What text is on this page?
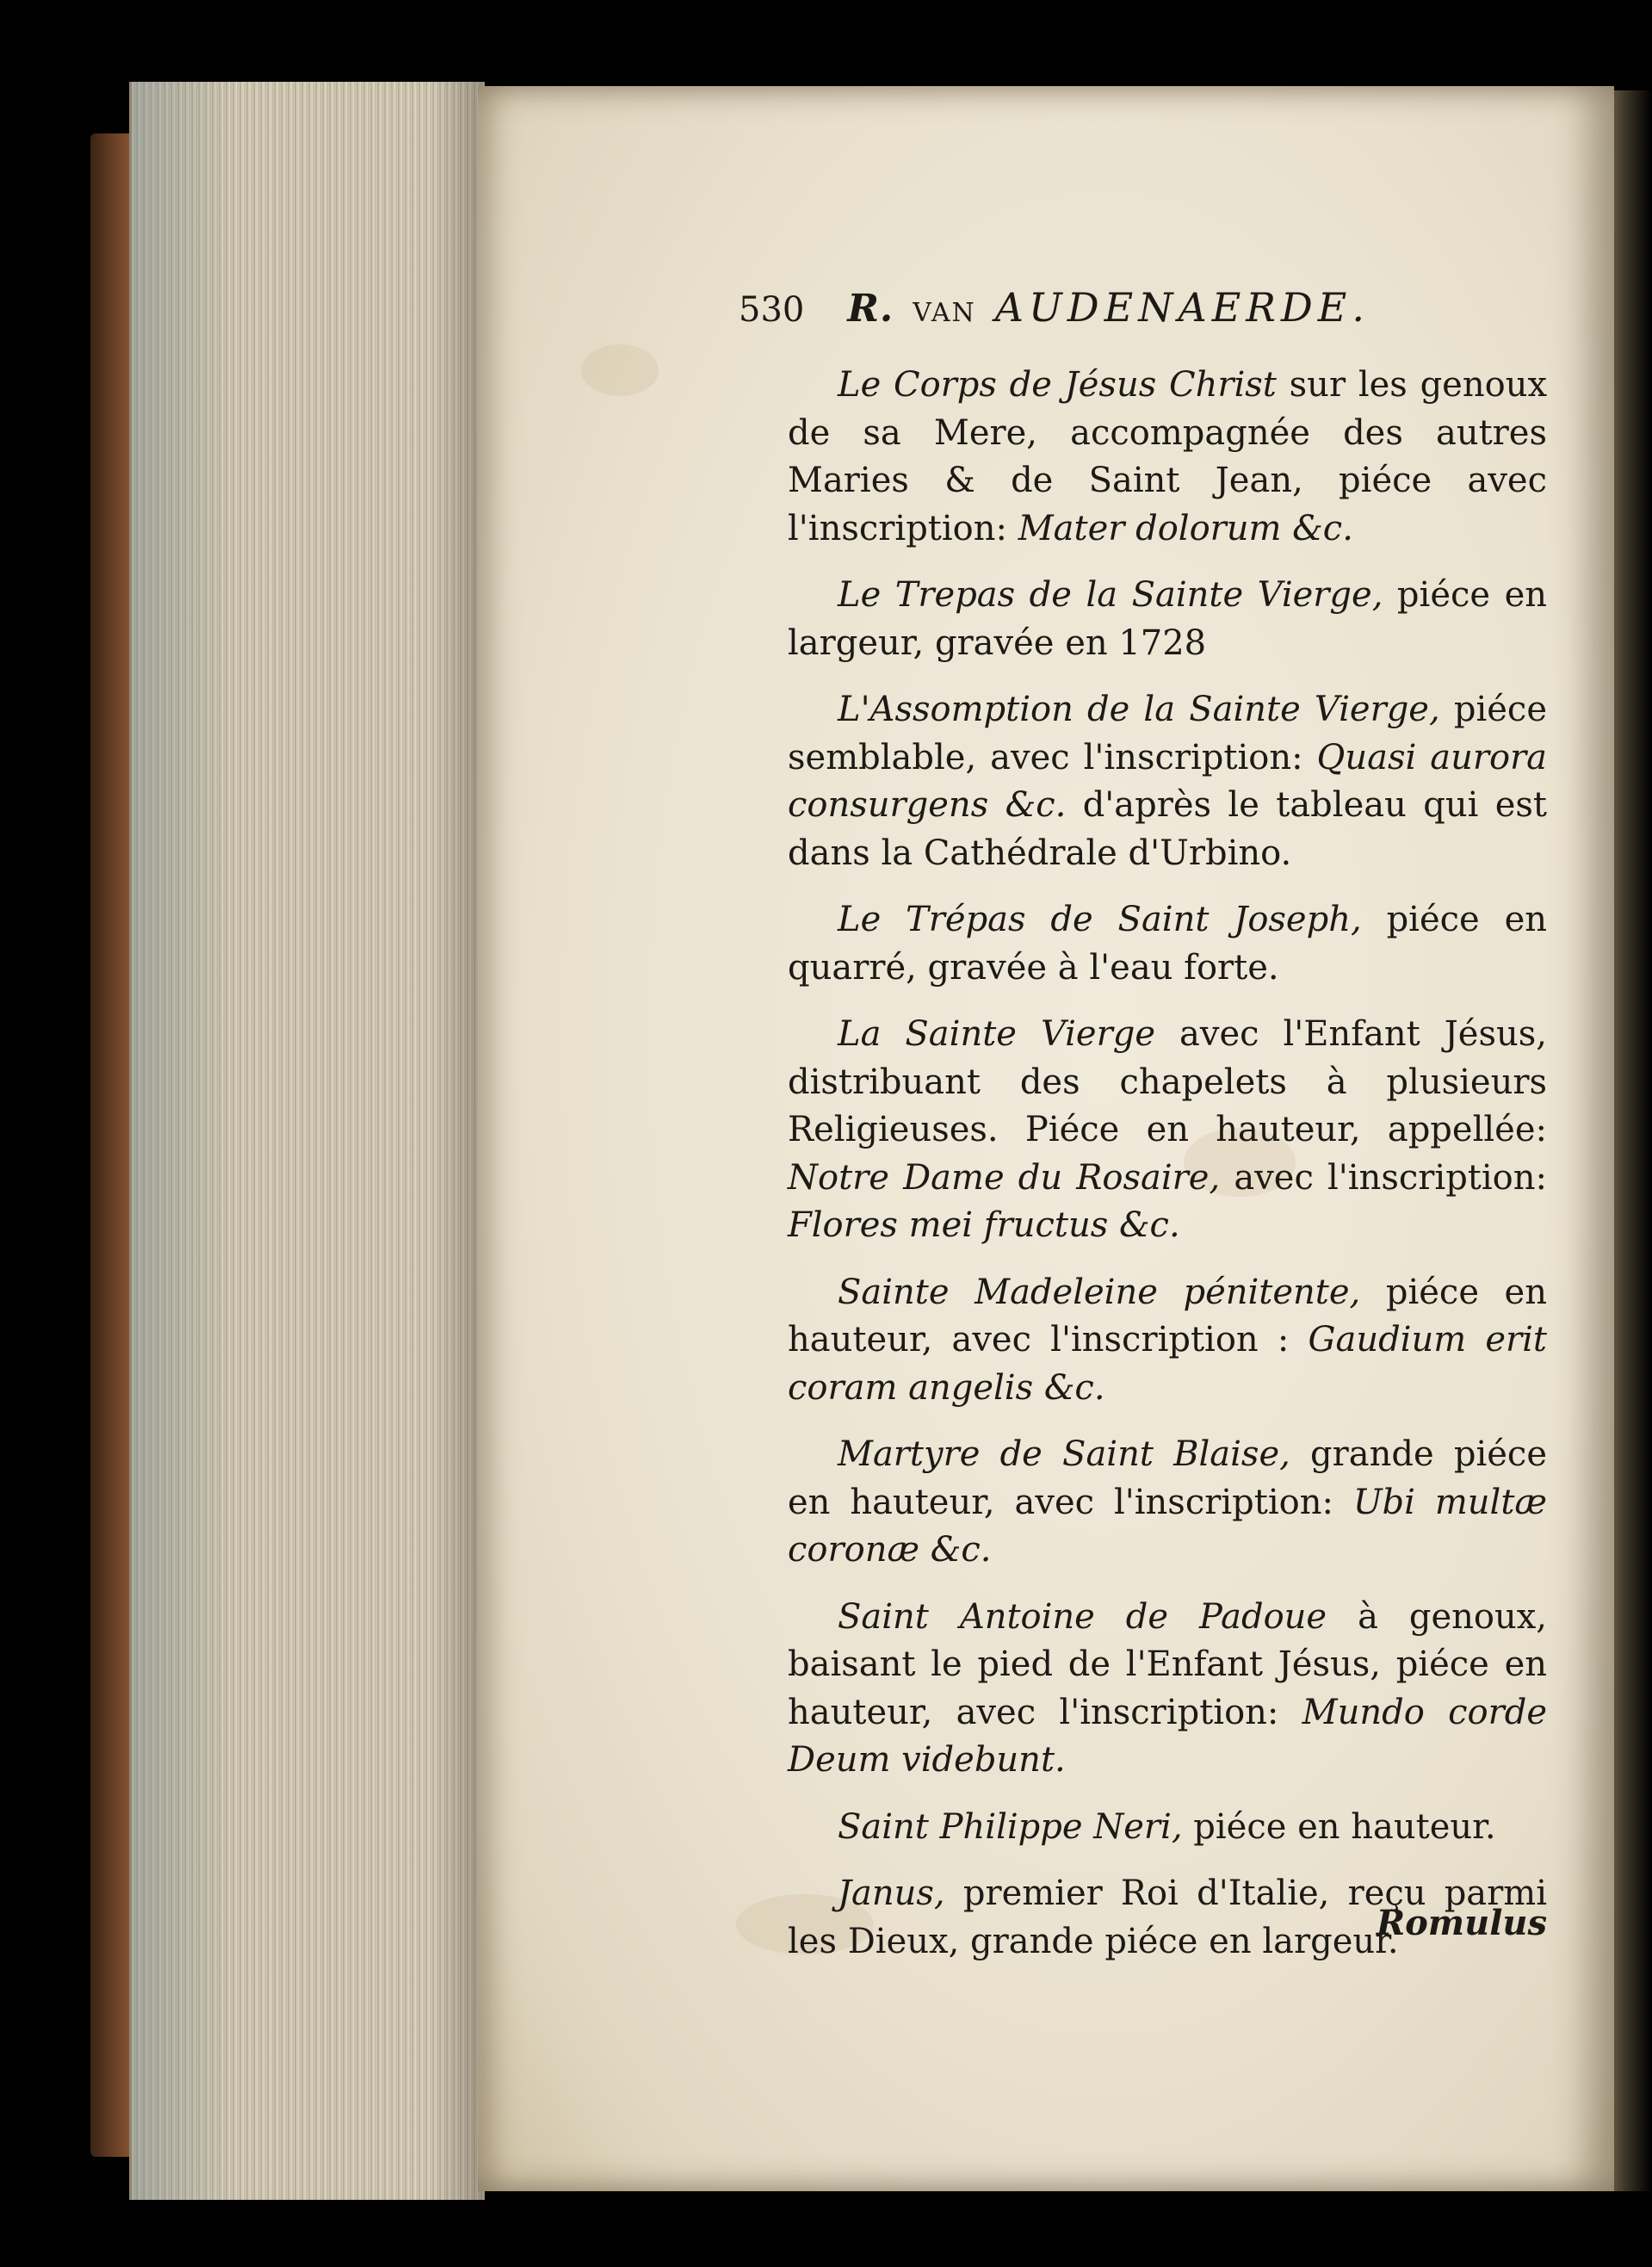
530 R. VAN AUDENAERDE.

Le Corps de Jésus Christ sur les genoux de sa Mere, accompagnée des autres Maries & de Saint Jean, piéce avec l'inscription: Mater dolorum &c.

Le Trepas de la Sainte Vierge, piéce en largeur, gravée en 1728

L'Assomption de la Sainte Vierge, piéce semblable, avec l'inscription: Quasi aurora consurgens &c. d'après le tableau qui est dans la Cathédrale d'Urbino.

Le Trépas de Saint Joseph, piéce en quarré, gravée à l'eau forte.

La Sainte Vierge avec l'Enfant Jésus, distribuant des chapelets à plusieurs Religieuses. Piéce en hauteur, appellée: Notre Dame du Rosaire, avec l'inscription: Flores mei fructus &c.

Sainte Madeleine pénitente, piéce en hauteur, avec l'inscription : Gaudium erit coram angelis &c.

Martyre de Saint Blaise, grande piéce en hauteur, avec l'inscription: Ubi multæ coronæ &c.

Saint Antoine de Padoue à genoux, baisant le pied de l'Enfant Jésus, piéce en hauteur, avec l'inscription: Mundo corde Deum videbunt.

Saint Philippe Neri, piéce en hauteur.

Janus, premier Roi d'Italie, reçu parmi les Dieux, grande piéce en largeur.

Romulus
